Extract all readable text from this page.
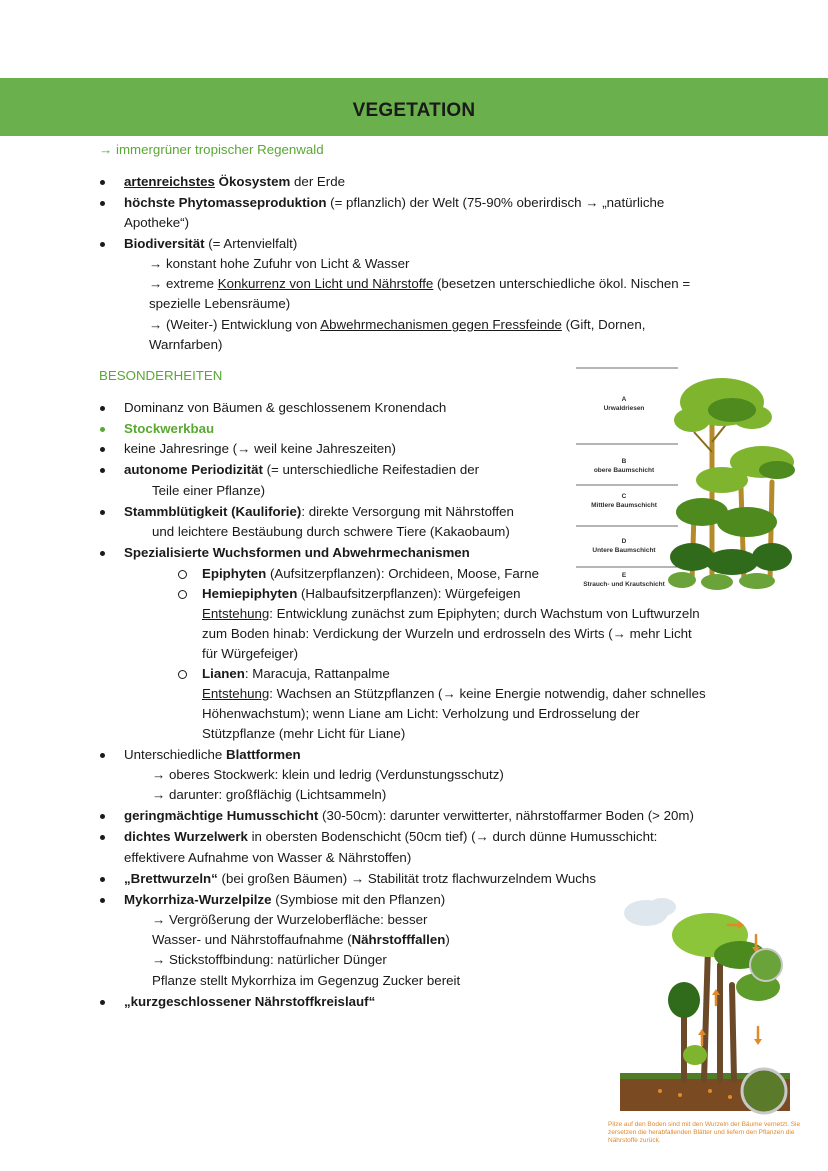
VEGETATION
→ immergrüner tropischer Regenwald
artenreichstes Ökosystem der Erde
höchste Phytomasseproduktion (= pflanzlich) der Welt (75-90% oberirdisch → „natürliche
Apotheke“)
Biodiversität (= Artenvielfalt)
→ konstant hohe Zufuhr von Licht & Wasser
→ extreme Konkurrenz von Licht und Nährstoffe (besetzen unterschiedliche ökol. Nischen =
spezielle Lebensräume)
→ (Weiter-) Entwicklung von Abwehrmechanismen gegen Fressfeinde (Gift, Dornen,
Warnfarben)
BESONDERHEITEN
Dominanz von Bäumen & geschlossenem Kronendach
Stockwerkbau
keine Jahresringe (→ weil keine Jahreszeiten)
autonome Periodizität (= unterschiedliche Reifestadien der
Teile einer Pflanze)
Stammblütigkeit (Kauliforie): direkte Versorgung mit Nährstoffen
und leichtere Bestäubung durch schwere Tiere (Kakaobaum)
Spezialisierte Wuchsformen und Abwehrmechanismen
Epiphyten (Aufsitzerpflanzen): Orchideen, Moose, Farne
Hemiepiphyten (Halbaufsitzerpflanzen): Würgefeigen
Entstehung: Entwicklung zunächst zum Epiphyten; durch Wachstum von Luftwurzeln
zum Boden hinab: Verdickung der Wurzeln und erdrosseln des Wirts (→ mehr Licht
für Würgefeiger)
Lianen: Maracuja, Rattanpalme
Entstehung: Wachsen an Stützpflanzen (→ keine Energie notwendig, daher schnelles
Höhenwachstum); wenn Liane am Licht: Verholzung und Erdrosselung der
Stützpflanze (mehr Licht für Liane)
Unterschiedliche Blattformen
→ oberes Stockwerk: klein und ledrig (Verdunstungsschutz)
→ darunter: großflächig (Lichtsammeln)
geringmächtige Humusschicht (30-50cm): darunter verwitterter, nährstoffarmer Boden (> 20m)
dichtes Wurzelwerk in obersten Bodenschicht (50cm tief) (→ durch dünne Humusschicht:
effektivere Aufnahme von Wasser & Nährstoffen)
„Brettwurzeln“ (bei großen Bäumen) → Stabilität trotz flachwurzelndem Wuchs
Mykorrhiza-Wurzelpilze (Symbiose mit den Pflanzen)
→ Vergrößerung der Wurzeloberfläche: besser
Wasser- und Nährstoffaufnahme (Nährstofffallen)
→ Stickstoffbindung: natürlicher Dünger
Pflanze stellt Mykorrhiza im Gegenzug Zucker bereit
„kurzgeschlossener Nährstoffkreislauf“
A
Urwaldriesen
B
obere Baumschicht
C
Mittlere Baumschicht
D
Untere Baumschicht
E
Strauch- und Krautschicht
Pilze auf den Boden sind mit den Wurzeln der Bäume vernetzt. Sie zersetzen die herabfallenden Blätter und liefern den Pflanzen die Nährstoffe zurück.
